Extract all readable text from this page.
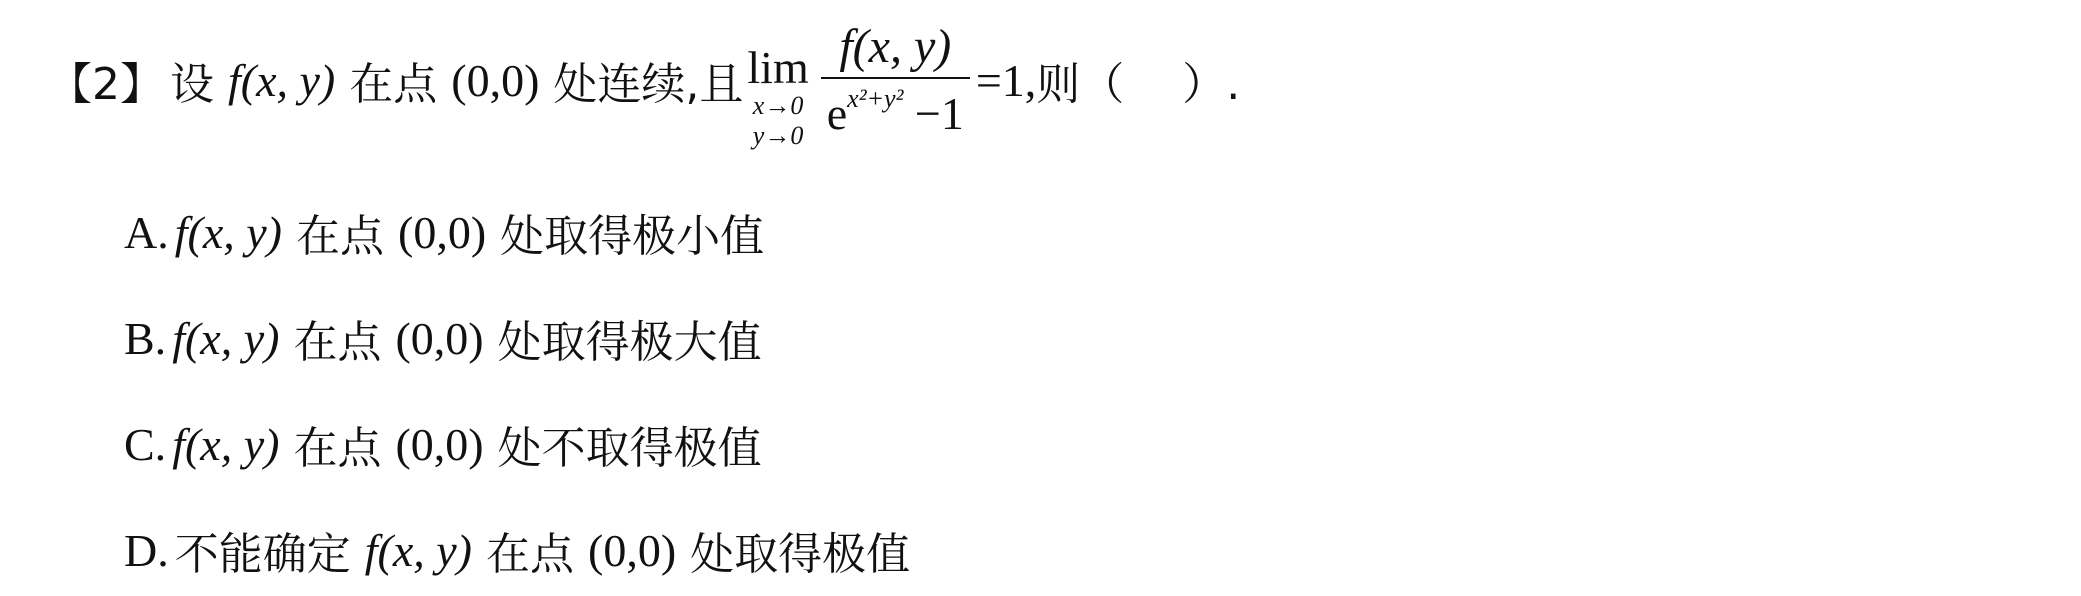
【2】 设 f(x, y) 在点 (0,0) 处连续,且 lim
x→0
$y\to 0 \frac{f(x, y)}{e^{x^2+y^2} -1} =1$, 则（　 ）.
A. f(x, y) 在点 (0,0) 处取得极小值
B. f(x, y) 在点 (0,0) 处取得极大值
C. f(x, y) 在点 (0,0) 处不取得极值
D. 不能确定 f(x, y) 在点 (0,0) 处取得极值
